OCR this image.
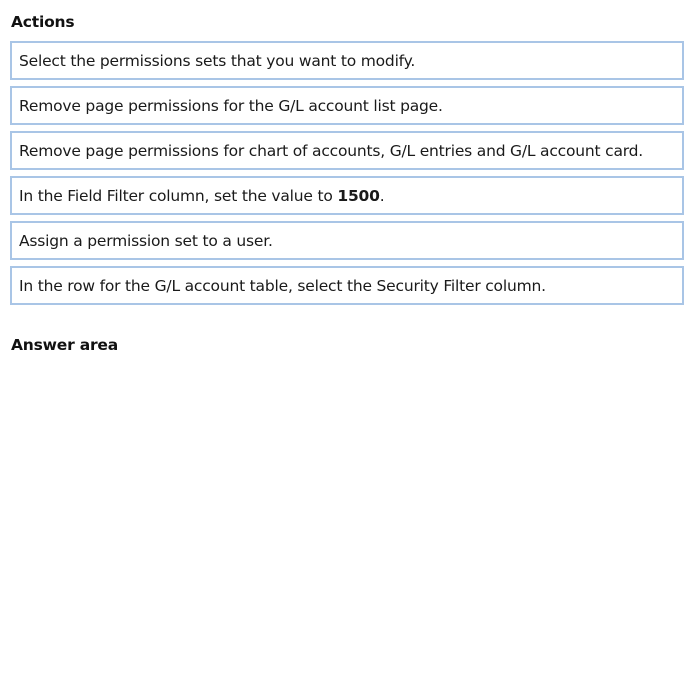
Actions
Select the permissions sets that you want to modify.
Remove page permissions for the G/L account list page.
Remove page permissions for chart of accounts, G/L entries and G/L account card.
In the Field Filter column, set the value to 1500.
Assign a permission set to a user.
In the row for the G/L account table, select the Security Filter column.
Answer area
